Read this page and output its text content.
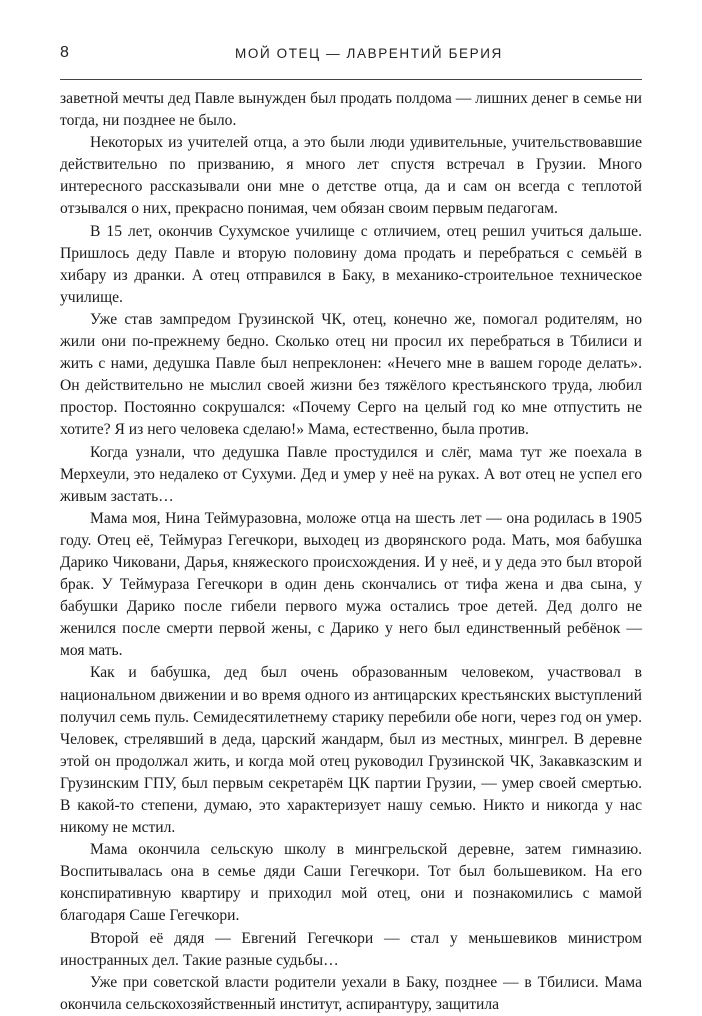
8	МОЙ ОТЕЦ — ЛАВРЕНТИЙ БЕРИЯ

заветной мечты дед Павле вынужден был продать полдома — лишних денег в семье ни тогда, ни позднее не было.

Некоторых из учителей отца, а это были люди удивительные, учительствовавшие действительно по призванию, я много лет спустя встречал в Грузии. Много интересного рассказывали они мне о детстве отца, да и сам он всегда с теплотой отзывался о них, прекрасно понимая, чем обязан своим первым педагогам.

В 15 лет, окончив Сухумское училище с отличием, отец решил учиться дальше. Пришлось деду Павле и вторую половину дома продать и перебраться с семьёй в хибару из дранки. А отец отправился в Баку, в механико-строительное техническое училище.

Уже став зампредом Грузинской ЧК, отец, конечно же, помогал родителям, но жили они по-прежнему бедно. Сколько отец ни просил их перебраться в Тбилиси и жить с нами, дедушка Павле был непреклонен: «Нечего мне в вашем городе делать». Он действительно не мыслил своей жизни без тяжёлого крестьянского труда, любил простор. Постоянно сокрушался: «Почему Серго на целый год ко мне отпустить не хотите? Я из него человека сделаю!» Мама, естественно, была против.

Когда узнали, что дедушка Павле простудился и слёг, мама тут же поехала в Мерхеули, это недалеко от Сухуми. Дед и умер у неё на руках. А вот отец не успел его живым застать…

Мама моя, Нина Теймуразовна, моложе отца на шесть лет — она родилась в 1905 году. Отец её, Теймураз Гегечкори, выходец из дворянского рода. Мать, моя бабушка Дарико Чиковани, Дарья, княжеского происхождения. И у неё, и у деда это был второй брак. У Теймураза Гегечкори в один день скончались от тифа жена и два сына, у бабушки Дарико после гибели первого мужа остались трое детей. Дед долго не женился после смерти первой жены, с Дарико у него был единственный ребёнок — моя мать.

Как и бабушка, дед был очень образованным человеком, участвовал в национальном движении и во время одного из антицарских крестьянских выступлений получил семь пуль. Семидесятилетнему старику перебили обе ноги, через год он умер. Человек, стрелявший в деда, царский жандарм, был из местных, мингрел. В деревне этой он продолжал жить, и когда мой отец руководил Грузинской ЧК, Закавказским и Грузинским ГПУ, был первым секретарём ЦК партии Грузии, — умер своей смертью. В какой-то степени, думаю, это характеризует нашу семью. Никто и никогда у нас никому не мстил.

Мама окончила сельскую школу в мингрельской деревне, затем гимназию. Воспитывалась она в семье дяди Саши Гегечкори. Тот был большевиком. На его конспиративную квартиру и приходил мой отец, они и познакомились с мамой благодаря Саше Гегечкори.

Второй её дядя — Евгений Гегечкори — стал у меньшевиков министром иностранных дел. Такие разные судьбы…

Уже при советской власти родители уехали в Баку, позднее — в Тбилиси. Мама окончила сельскохозяйственный институт, аспирантуру, защитила
